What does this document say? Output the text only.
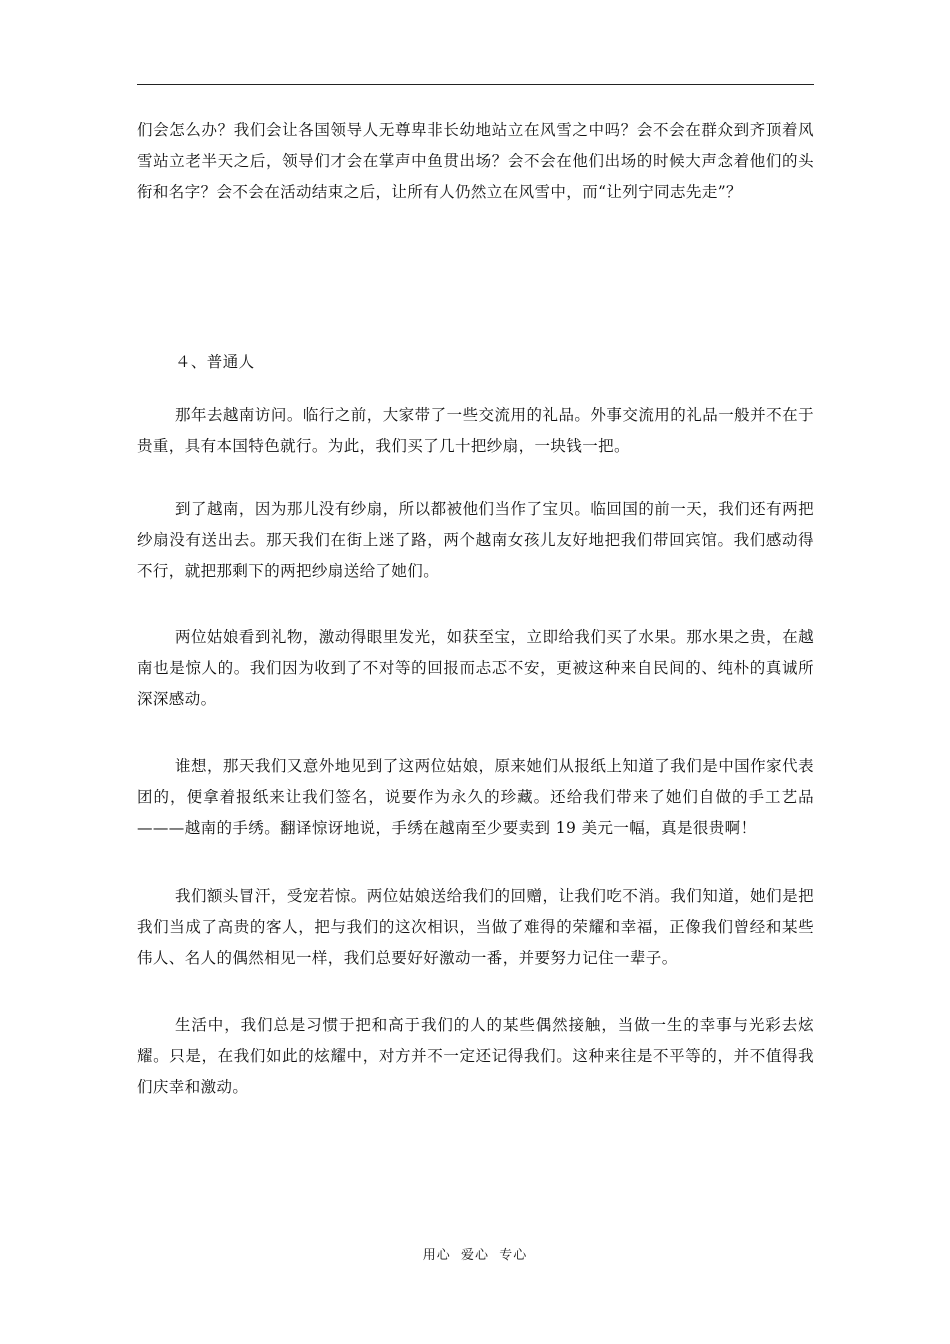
们会怎么办？我们会让各国领导人无尊卑非长幼地站立在风雪之中吗？会不会在群众到齐顶着风雪站立老半天之后，领导们才会在掌声中鱼贯出场？会不会在他们出场的时候大声念着他们的头衔和名字？会不会在活动结束之后，让所有人仍然立在风雪中，而“让列宁同志先走”？

４、普通人

那年去越南访问。临行之前，大家带了一些交流用的礼品。外事交流用的礼品一般并不在于贵重，具有本国特色就行。为此，我们买了几十把纱扇，一块钱一把。

到了越南，因为那儿没有纱扇，所以都被他们当作了宝贝。临回国的前一天，我们还有两把纱扇没有送出去。那天我们在街上迷了路，两个越南女孩儿友好地把我们带回宾馆。我们感动得不行，就把那剩下的两把纱扇送给了她们。

两位姑娘看到礼物，激动得眼里发光，如获至宝，立即给我们买了水果。那水果之贵，在越南也是惊人的。我们因为收到了不对等的回报而忐忑不安，更被这种来自民间的、纯朴的真诚所深深感动。

谁想，那天我们又意外地见到了这两位姑娘，原来她们从报纸上知道了我们是中国作家代表团的，便拿着报纸来让我们签名，说要作为永久的珍藏。还给我们带来了她们自做的手工艺品———越南的手绣。翻译惊讶地说，手绣在越南至少要卖到 19 美元一幅，真是很贵啊！

我们额头冒汗，受宠若惊。两位姑娘送给我们的回赠，让我们吃不消。我们知道，她们是把我们当成了高贵的客人，把与我们的这次相识，当做了难得的荣耀和幸福，正像我们曾经和某些伟人、名人的偶然相见一样，我们总要好好激动一番，并要努力记住一辈子。

生活中，我们总是习惯于把和高于我们的人的某些偶然接触，当做一生的幸事与光彩去炫耀。只是，在我们如此的炫耀中，对方并不一定还记得我们。这种来往是不平等的，并不值得我们庆幸和激动。

用心  爱心  专心
